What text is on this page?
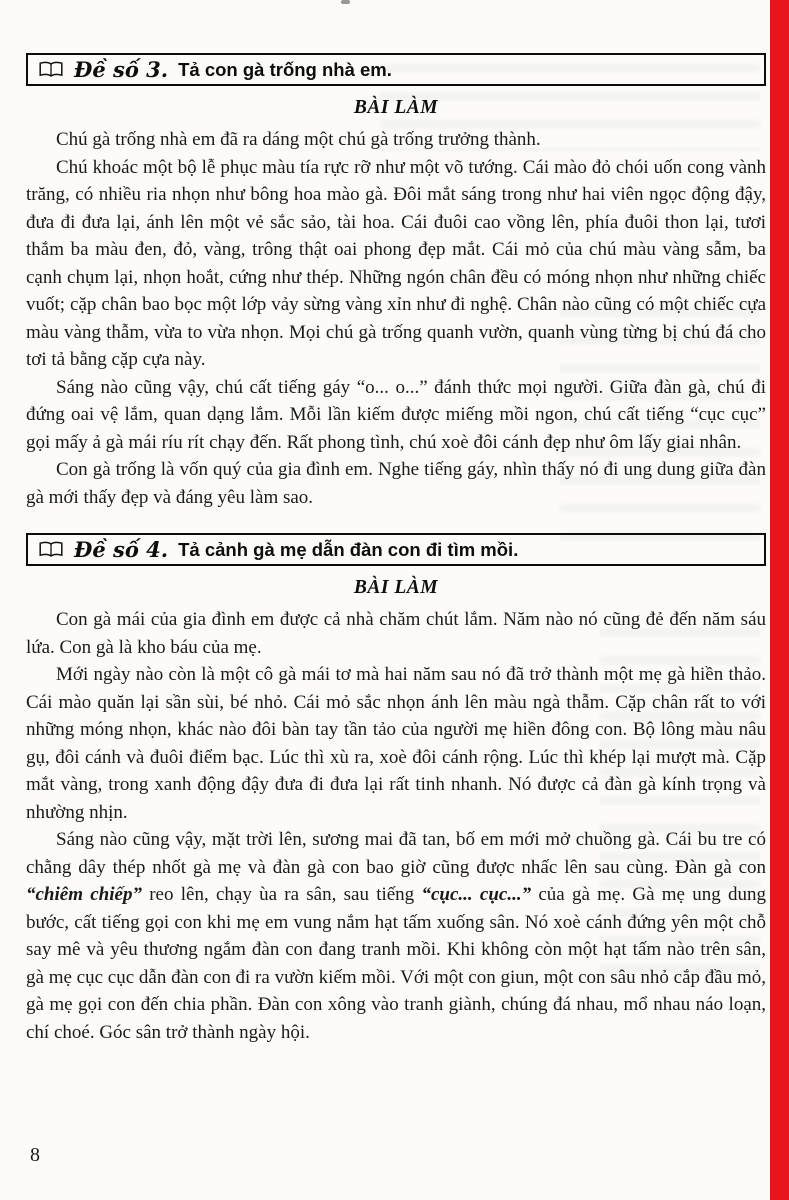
Đề số 3. Tả con gà trống nhà em.
BÀI LÀM

Chú gà trống nhà em đã ra dáng một chú gà trống trưởng thành.

Chú khoác một bộ lễ phục màu tía rực rỡ như một võ tướng. Cái mào đỏ chói uốn cong vành trăng, có nhiều ria nhọn như bông hoa mào gà. Đôi mắt sáng trong như hai viên ngọc động đậy, đưa đi đưa lại, ánh lên một vẻ sắc sảo, tài hoa. Cái đuôi cao vồng lên, phía đuôi thon lại, tươi thắm ba màu đen, đỏ, vàng, trông thật oai phong đẹp mắt. Cái mỏ của chú màu vàng sẫm, ba cạnh chụm lại, nhọn hoắt, cứng như thép. Những ngón chân đều có móng nhọn như những chiếc vuốt; cặp chân bao bọc một lớp vảy sừng vàng xỉn như đi nghệ. Chân nào cũng có một chiếc cựa màu vàng thẫm, vừa to vừa nhọn. Mọi chú gà trống quanh vườn, quanh vùng từng bị chú đá cho tơi tả bằng cặp cựa này.

Sáng nào cũng vậy, chú cất tiếng gáy “o... o...” đánh thức mọi người. Giữa đàn gà, chú đi đứng oai vệ lắm, quan dạng lắm. Mỗi lần kiếm được miếng mồi ngon, chú cất tiếng “cục cục” gọi mấy ả gà mái ríu rít chạy đến. Rất phong tình, chú xoè đôi cánh đẹp như ôm lấy giai nhân.

Con gà trống là vốn quý của gia đình em. Nghe tiếng gáy, nhìn thấy nó đi ung dung giữa đàn gà mới thấy đẹp và đáng yêu làm sao.

Đề số 4. Tả cảnh gà mẹ dẫn đàn con đi tìm mồi.
BÀI LÀM

Con gà mái của gia đình em được cả nhà chăm chút lắm. Năm nào nó cũng đẻ đến năm sáu lứa. Con gà là kho báu của mẹ.

Mới ngày nào còn là một cô gà mái tơ mà hai năm sau nó đã trở thành một mẹ gà hiền thảo. Cái mào quăn lại sần sùi, bé nhỏ. Cái mỏ sắc nhọn ánh lên màu ngà thẫm. Cặp chân rất to với những móng nhọn, khác nào đôi bàn tay tần tảo của người mẹ hiền đông con. Bộ lông màu nâu gụ, đôi cánh và đuôi điểm bạc. Lúc thì xù ra, xoè đôi cánh rộng. Lúc thì khép lại mượt mà. Cặp mắt vàng, trong xanh động đậy đưa đi đưa lại rất tinh nhanh. Nó được cả đàn gà kính trọng và nhường nhịn.

Sáng nào cũng vậy, mặt trời lên, sương mai đã tan, bố em mới mở chuồng gà. Cái bu tre có chằng dây thép nhốt gà mẹ và đàn gà con bao giờ cũng được nhấc lên sau cùng. Đàn gà con “chiêm chiếp” reo lên, chạy ùa ra sân, sau tiếng “cục... cục...” của gà mẹ. Gà mẹ ung dung bước, cất tiếng gọi con khi mẹ em vung nắm hạt tấm xuống sân. Nó xoè cánh đứng yên một chỗ say mê và yêu thương ngắm đàn con đang tranh mồi. Khi không còn một hạt tấm nào trên sân, gà mẹ cục cục dẫn đàn con đi ra vườn kiếm mồi. Với một con giun, một con sâu nhỏ cắp đầu mỏ, gà mẹ gọi con đến chia phần. Đàn con xông vào tranh giành, chúng đá nhau, mổ nhau náo loạn, chí choé. Góc sân trở thành ngày hội.

8
